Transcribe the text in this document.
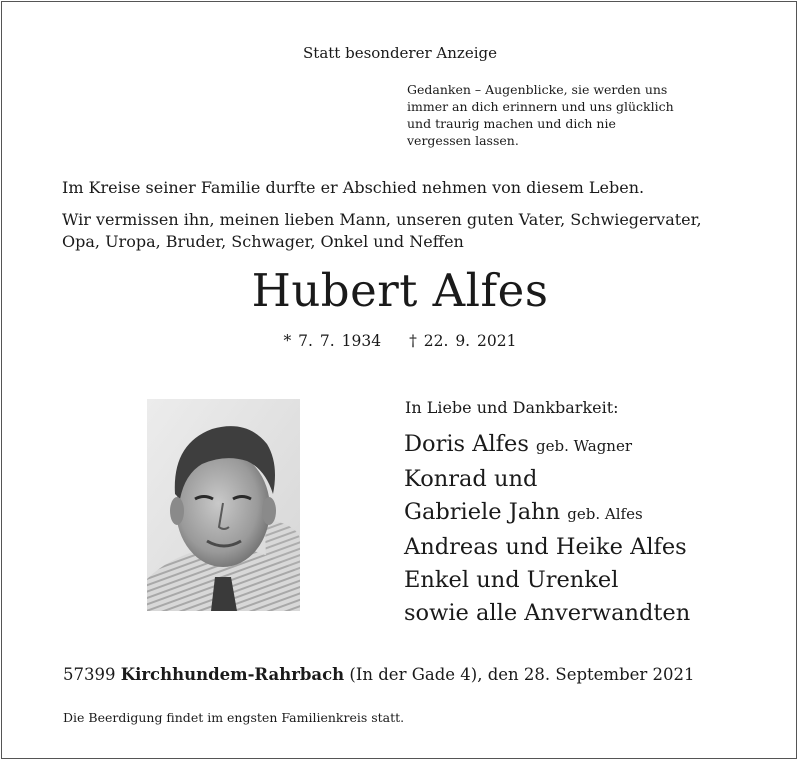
Statt besonderer Anzeige
Gedanken – Augenblicke, sie werden uns
immer an dich erinnern und uns glücklich
und traurig machen und dich nie
vergessen lassen.
Im Kreise seiner Familie durfte er Abschied nehmen von diesem Leben.
Wir vermissen ihn, meinen lieben Mann, unseren guten Vater, Schwiegervater,
Opa, Uropa, Bruder, Schwager, Onkel und Neffen
Hubert Alfes
* 7. 7. 1934 † 22. 9. 2021
In Liebe und Dankbarkeit:
Doris Alfes geb. Wagner
Konrad und
Gabriele Jahn geb. Alfes
Andreas und Heike Alfes
Enkel und Urenkel
sowie alle Anverwandten
57399 Kirchhundem-Rahrbach (In der Gade 4), den 28. September 2021
Die Beerdigung findet im engsten Familienkreis statt.
